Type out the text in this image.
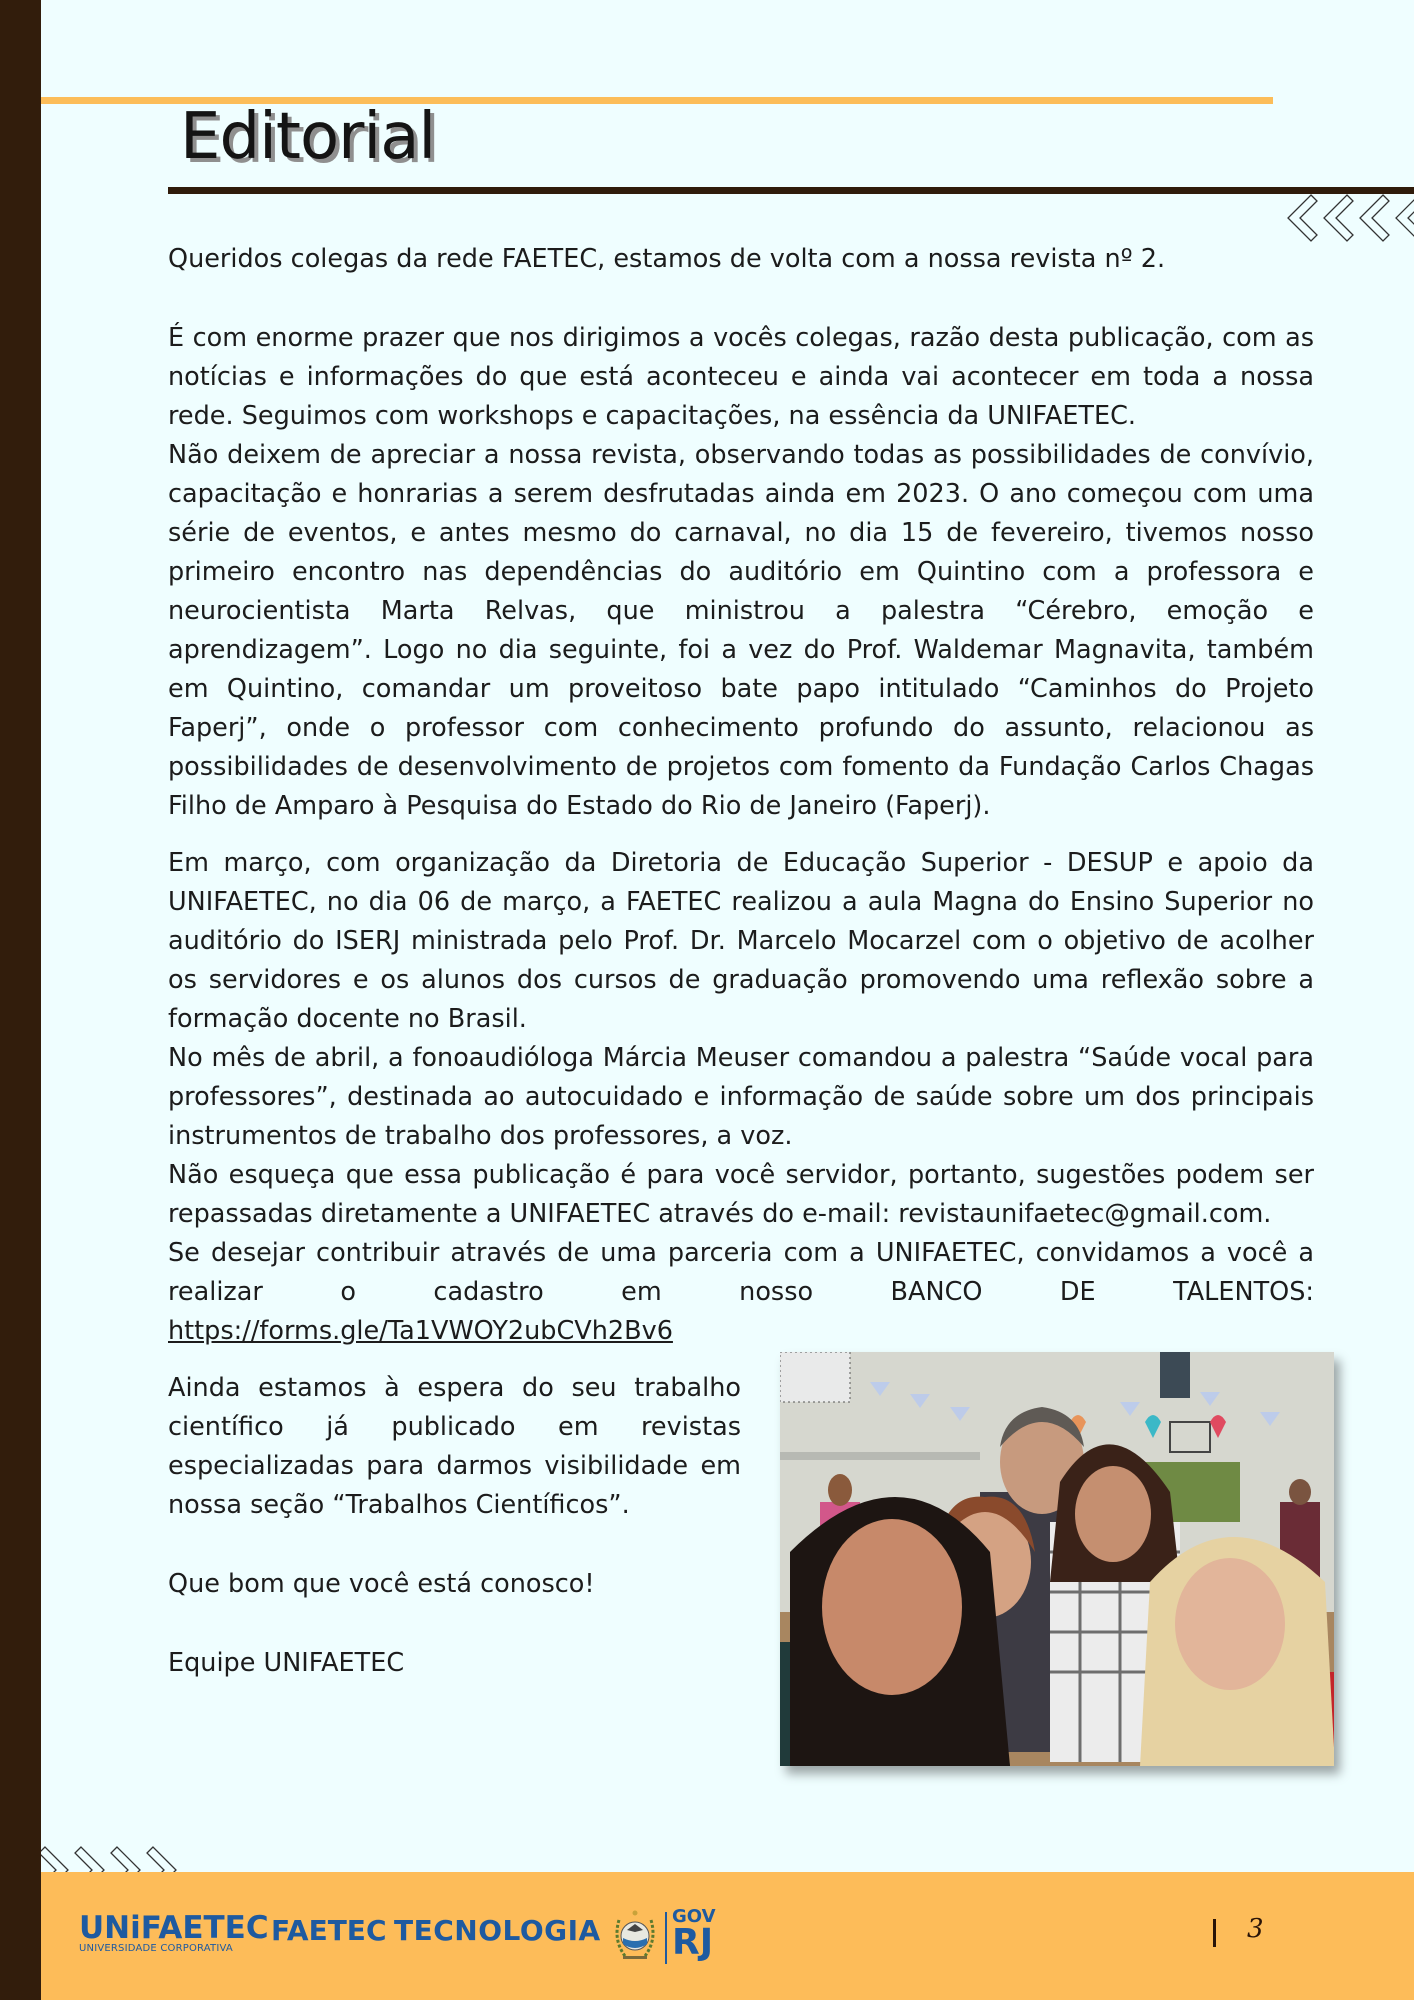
Editorial

Queridos colegas da rede FAETEC, estamos de volta com a nossa revista nº 2.

É com enorme prazer que nos dirigimos a vocês colegas, razão desta publicação, com as notícias e informações do que está aconteceu e ainda vai acontecer em toda a nossa rede. Seguimos com workshops e capacitações, na essência da UNIFAETEC.
Não deixem de apreciar a nossa revista, observando todas as possibilidades de convívio, capacitação e honrarias a serem desfrutadas ainda em 2023. O ano começou com uma série de eventos, e antes mesmo do carnaval, no dia 15 de fevereiro, tivemos nosso primeiro encontro nas dependências do auditório em Quintino com a professora e neurocientista Marta Relvas, que ministrou a palestra “Cérebro, emoção e aprendizagem”. Logo no dia seguinte, foi a vez do Prof. Waldemar Magnavita, também em Quintino, comandar um proveitoso bate papo intitulado “Caminhos do Projeto Faperj”, onde o professor com conhecimento profundo do assunto, relacionou as possibilidades de desenvolvimento de projetos com fomento da Fundação Carlos Chagas Filho de Amparo à Pesquisa do Estado do Rio de Janeiro (Faperj).
Em março, com organização da Diretoria de Educação Superior - DESUP e apoio da UNIFAETEC, no dia 06 de março, a FAETEC realizou a aula Magna do Ensino Superior no auditório do ISERJ ministrada pelo Prof. Dr. Marcelo Mocarzel com o objetivo de acolher os servidores e os alunos dos cursos de graduação promovendo uma reflexão sobre a formação docente no Brasil.
No mês de abril, a fonoaudióloga Márcia Meuser comandou a palestra “Saúde vocal para professores”, destinada ao autocuidado e informação de saúde sobre um dos principais instrumentos de trabalho dos professores, a voz.
Não esqueça que essa publicação é para você servidor, portanto, sugestões podem ser repassadas diretamente a UNIFAETEC através do e-mail: revistaunifaetec@gmail.com.
Se desejar contribuir através de uma parceria com a UNIFAETEC, convidamos a você a realizar o cadastro em nosso BANCO DE TALENTOS:
https://forms.gle/Ta1VWOY2ubCVh2Bv6
Ainda estamos à espera do seu trabalho científico já publicado em revistas especializadas para darmos visibilidade em nossa seção “Trabalhos Científicos”.
Que bom que você está conosco!
Equipe UNIFAETEC
UNiFAETEC
UNIVERSIDADE CORPORATIVA
FAETEC TECNOLOGIA	GOV
RJ	3
